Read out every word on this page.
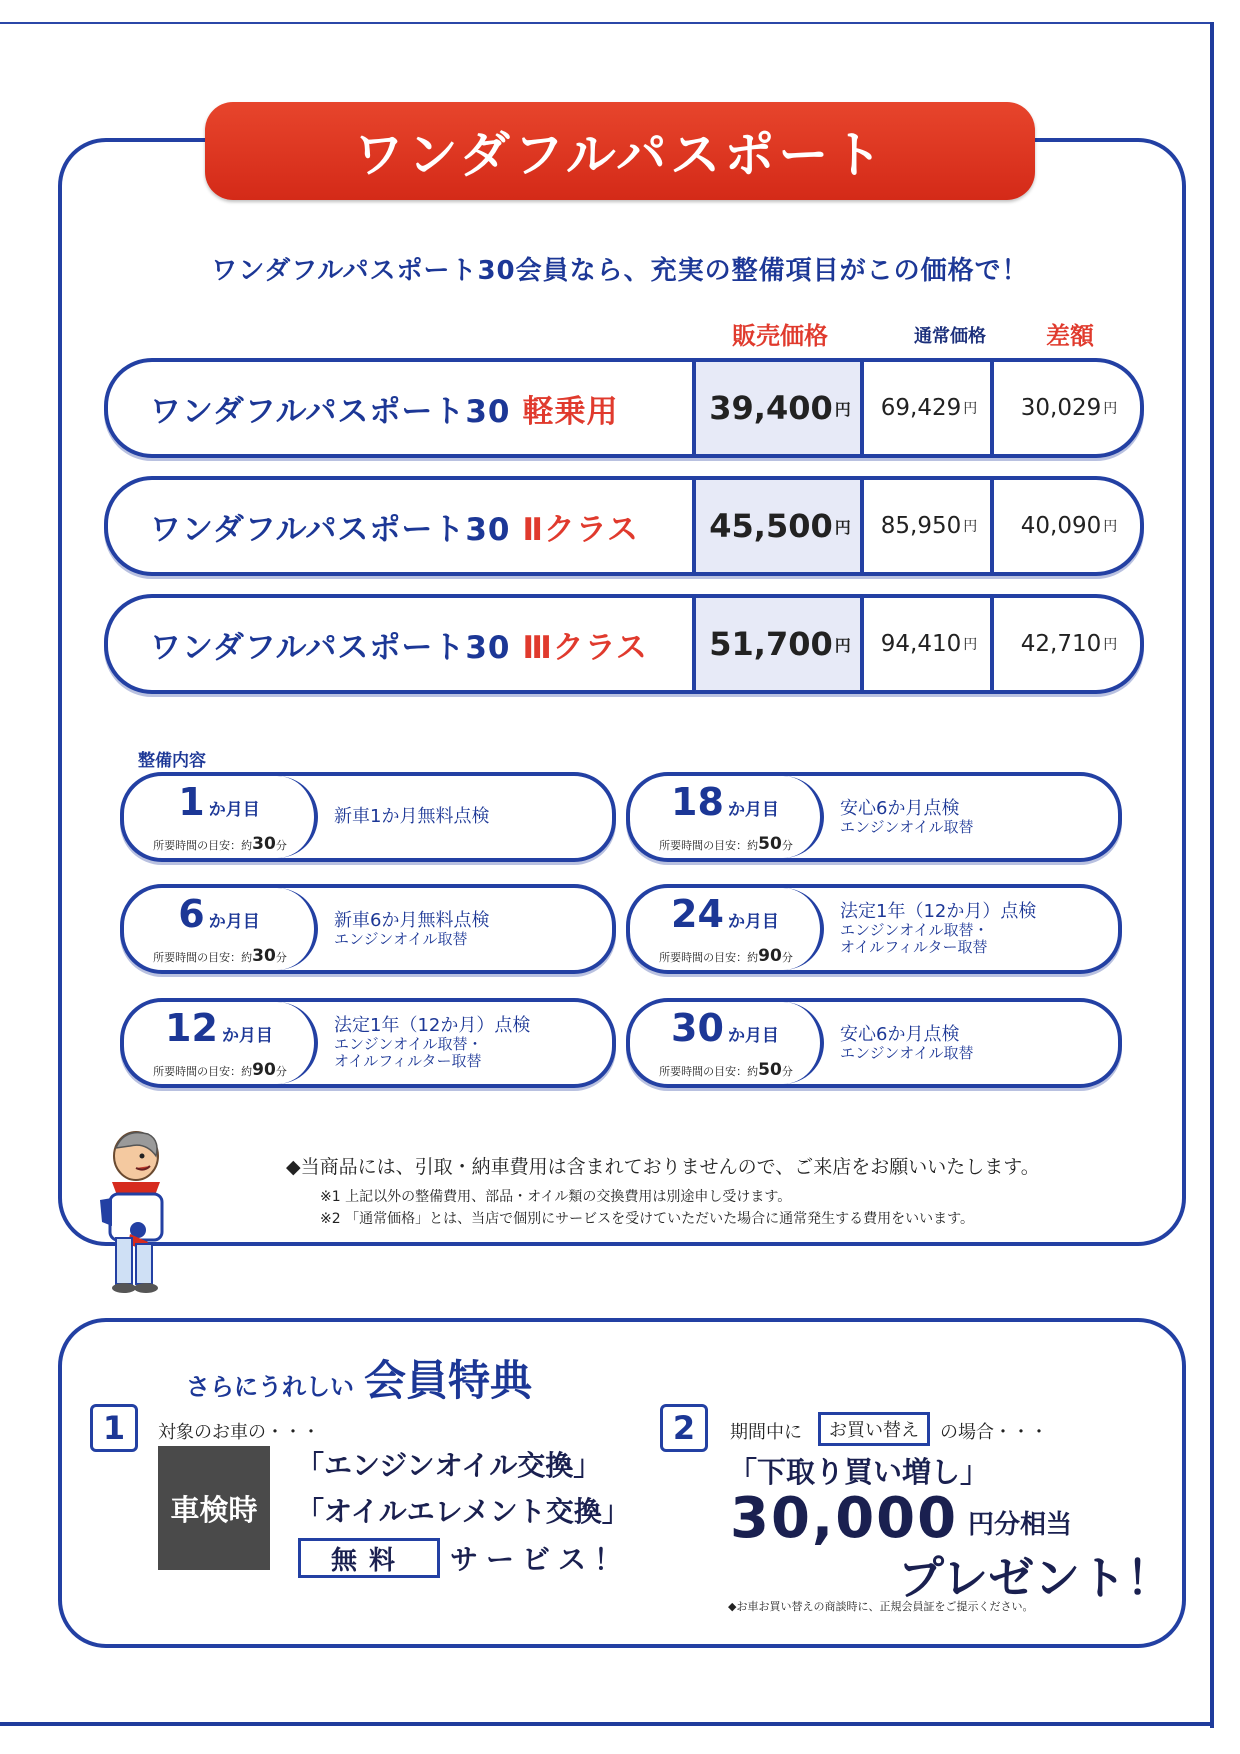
ワンダフルパスポート
ワンダフルパスポート30会員なら、充実の整備項目がこの価格で！
販売価格	通常価格	差額
ワンダフルパスポート30 軽乗用	39,400 円 69,429 円 30,029 円
ワンダフルパスポート30 Ⅱクラス 45,500 円 85,950 円 40,090 円
ワンダフルパスポート30 Ⅲクラス 51,700 円 94,410 円 42,710 円
整備内容
1 か月目
所要時間の目安：約30分
新車1か月無料点検	18 か月目
所要時間の目安：約50分
安心6か月点検
エンジンオイル取替
6 か月目
所要時間の目安：約30分
新車6か月無料点検
エンジンオイル取替
24 か月目
所要時間の目安：約90分
法定1年（12か月）点検
エンジンオイル取替・
オイルフィルター取替
12 か月目
所要時間の目安：約90分
法定1年（12か月）点検
エンジンオイル取替・
オイルフィルター取替
30 か月目
所要時間の目安：約50分
安心6か月点検
エンジンオイル取替
◆当商品には、引取・納車費用は含まれておりませんので、ご来店をお願いいたします。
※1 上記以外の整備費用、部品・オイル類の交換費用は別途申し受けます。
※2 「通常価格」とは、当店で個別にサービスを受けていただいた場合に通常発生する費用をいいます。
さらにうれしい 会員特典
1	対象のお車の・・・
車検時
「エンジンオイル交換」
「オイルエレメント交換」
無料	サービス！
2	期間中に	お買い替え	の場合・・・
「下取り買い増し」
30,000 円分相当
プレゼント！
◆お車お買い替えの商談時に、正規会員証をご提示ください。
